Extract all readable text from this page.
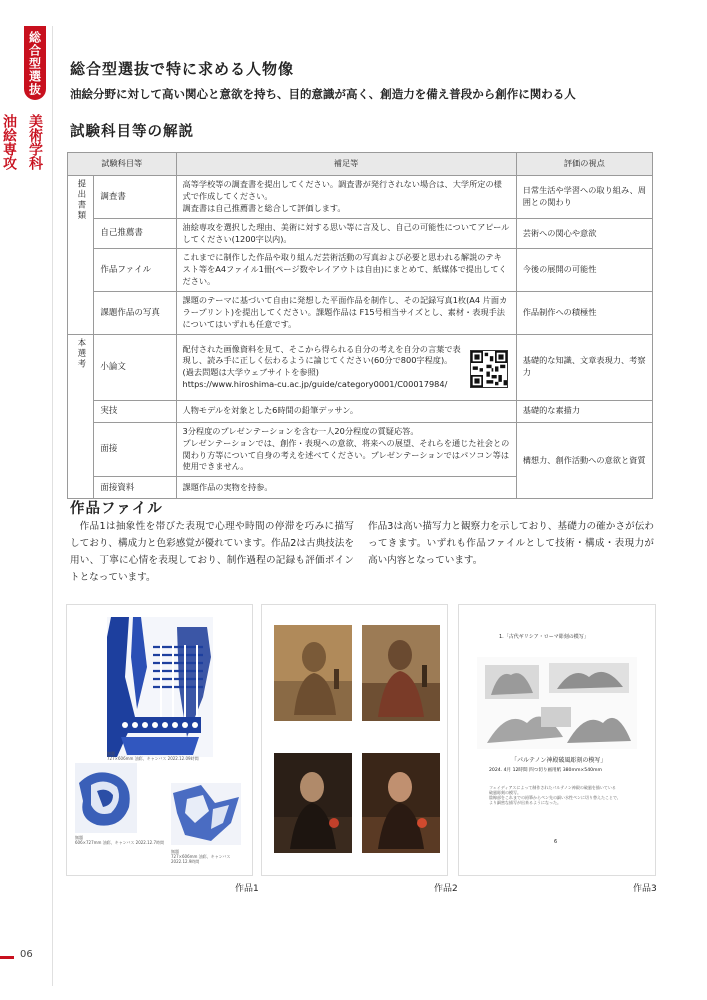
総合型選抜
美術学科
油絵専攻
総合型選抜で特に求める人物像
油絵分野に対して高い関心と意欲を持ち、目的意識が高く、創造力を備え普段から創作に関わる人
試験科目等の解説
試験科目等		補足等	評価の視点
提出書類	調査書	高等学校等の調査書を提出してください。調査書が発行されない場合は、大学所定の様式で作成してください。
調査書は自己推薦書と総合して評価します。	日常生活や学習への取り組み、周囲との関わり
	自己推薦書	油絵専攻を選択した理由、美術に対する思い等に言及し、自己の可能性についてアピールしてください(1200字以内)。	芸術への関心や意欲
	作品ファイル	これまでに制作した作品や取り組んだ芸術活動の写真および必要と思われる解説のテキスト等をA4ファイル1冊(ページ数やレイアウトは自由)にまとめて、紙媒体で提出してください。	今後の展開の可能性
	課題作品の写真	課題のテーマに基づいて自由に発想した平面作品を制作し、その記録写真1枚(A4 片面カラープリント)を提出してください。課題作品は F15号相当サイズとし、素材・表現手法についてはいずれも任意です。	作品制作への積極性
本選考	小論文	配付された画像資料を見て、そこから得られる自分の考えを自分の言葉で表現し、読み手に正しく伝わるように論じてください(60分で800字程度)。
(過去問題は大学ウェブサイトを参照)
https://www.hiroshima-cu.ac.jp/guide/category0001/C00017984/	基礎的な知識、文章表現力、考察力
	実技	人物モデルを対象とした6時間の鉛筆デッサン。	基礎的な素描力
	面接	3分程度のプレゼンテーションを含む一人20分程度の質疑応答。
プレゼンテーションでは、創作・表現への意欲、将来への展望、それらを通じた社会との関わり方等について自身の考えを述べてください。プレゼンテーションではパソコン等は使用できません。	構想力、創作活動への意欲と資質
	面接資料	課題作品の実物を持参。	
作品ファイル
作品1は抽象性を帯びた表現で心理や時間の停滞を巧みに描写しており、構成力と色彩感覚が優れています。作品2は古典技法を用い、丁寧に心情を表現しており、制作過程の記録も評価ポイントとなっています。
作品3は高い描写力と観察力を示しており、基礎力の確かさが伝わってきます。いずれも作品ファイルとして技術・構成・表現力が高い内容となっています。
無題
727×606mm 油彩、キャンバス 2022.12.09時間
無題
606×727mm 油彩、キャンバス 2022.12.7時間
無題
727×606mm 油彩、キャンバス 2022.12.9時間
1.「古代ギリシア・ローマ彫刻の模写」
「パルテノン神殿破風彫刻の模写」
2024. 4月 12時間 四つ切り画用紙 380mm×540mm
フェイディアスによって制作されたパルテノン神殿の破風を描いている
破風彫刻の模写。
陰線部をこれまでの鉛筆からペン先の細い水性ペンに切り替えたことで、
より細密な描写が出来るようになった。
6
作品1	作品2	作品3
06
